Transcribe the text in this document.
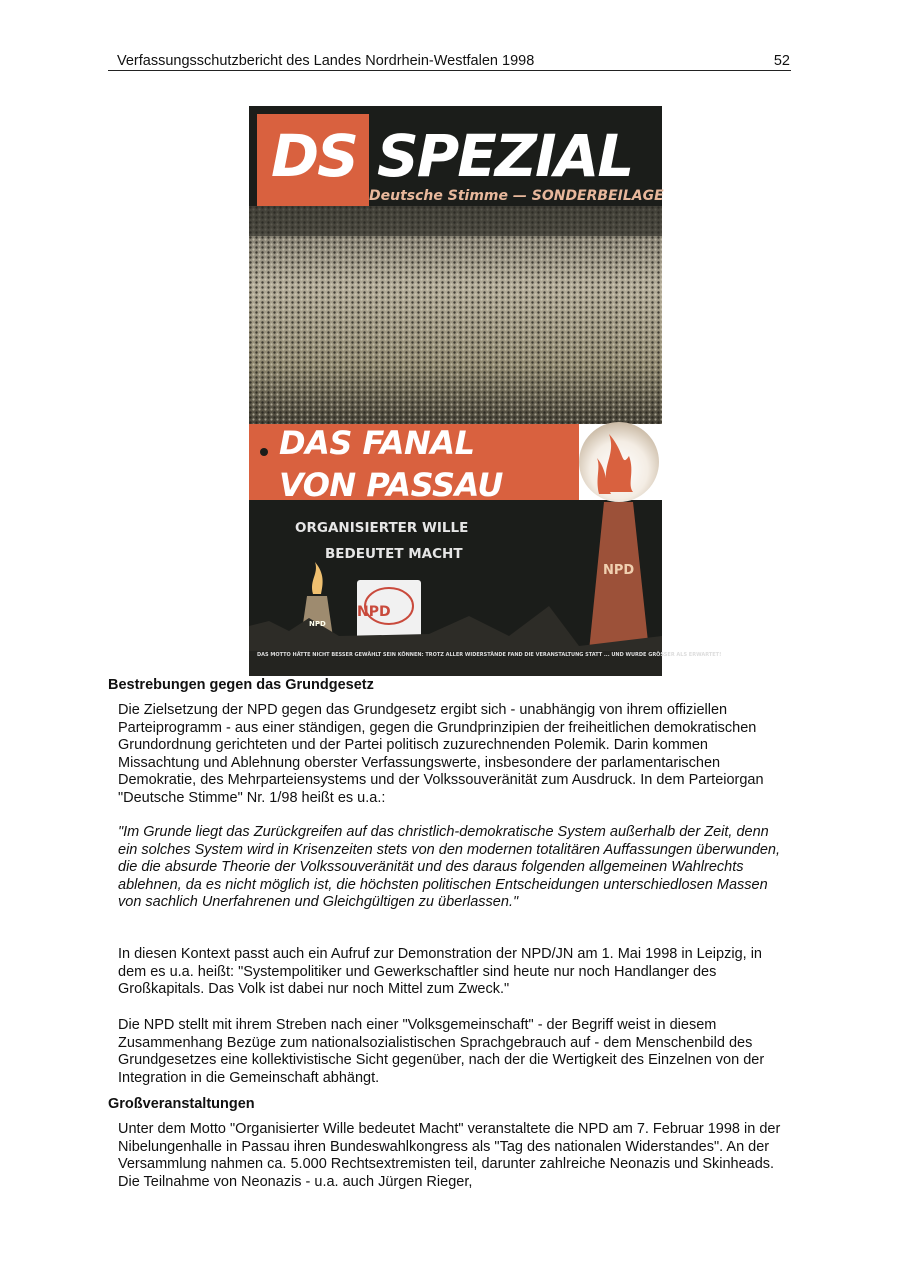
Verfassungsschutzbericht des Landes Nordrhein-Westfalen 1998	52
DS SPEZIAL
Deutsche Stimme — SONDERBEILAGE
DAS FANAL
VON PASSAU
ORGANISIERTER WILLE
BEDEUTET MACHT
NPD
NPD
NPD
DAS MOTTO HÄTTE NICHT BESSER GEWÄHLT SEIN KÖNNEN: TROTZ ALLER WIDERSTÄNDE FAND DIE VERANSTALTUNG STATT ... UND WURDE GRÖSSER ALS ERWARTET!
Bestrebungen gegen das Grundgesetz

Die Zielsetzung der NPD gegen das Grundgesetz ergibt sich - unabhängig von ihrem offiziellen Parteiprogramm - aus einer ständigen, gegen die Grundprinzipien der freiheitlichen demokratischen Grundordnung gerichteten und der Partei politisch zuzurechnenden Polemik. Darin kommen Missachtung und Ablehnung oberster Verfassungswerte, insbesondere der parlamentarischen Demokratie, des Mehrparteiensystems und der Volkssouveränität zum Ausdruck. In dem Parteiorgan "Deutsche Stimme" Nr. 1/98 heißt es u.a.:

"Im Grunde liegt das Zurückgreifen auf das christlich-demokratische System außerhalb der Zeit, denn ein solches System wird in Krisenzeiten stets von den modernen totalitären Auffassungen überwunden, die die absurde Theorie der Volkssouveränität und des daraus folgenden allgemeinen Wahlrechts ablehnen, da es nicht möglich ist, die höchsten politischen Entscheidungen unterschiedlosen Massen von sachlich Unerfahrenen und Gleichgültigen zu überlassen."

In diesen Kontext passt auch ein Aufruf zur Demonstration der NPD/JN am 1. Mai 1998 in Leipzig, in dem es u.a. heißt: "Systempolitiker und Gewerkschaftler sind heute nur noch Handlanger des Großkapitals. Das Volk ist dabei nur noch Mittel zum Zweck."

Die NPD stellt mit ihrem Streben nach einer "Volksgemeinschaft" - der Begriff weist in diesem Zusammenhang Bezüge zum nationalsozialistischen Sprachgebrauch auf - dem Menschenbild des Grundgesetzes eine kollektivistische Sicht gegenüber, nach der die Wertigkeit des Einzelnen von der Integration in die Gemeinschaft abhängt.

Großveranstaltungen

Unter dem Motto "Organisierter Wille bedeutet Macht" veranstaltete die NPD am 7. Februar 1998 in der Nibelungenhalle in Passau ihren Bundeswahlkongress als "Tag des nationalen Widerstandes". An der Versammlung nahmen ca. 5.000 Rechtsextremisten teil, darunter zahlreiche Neonazis und Skinheads. Die Teilnahme von Neonazis - u.a. auch Jürgen Rieger,
